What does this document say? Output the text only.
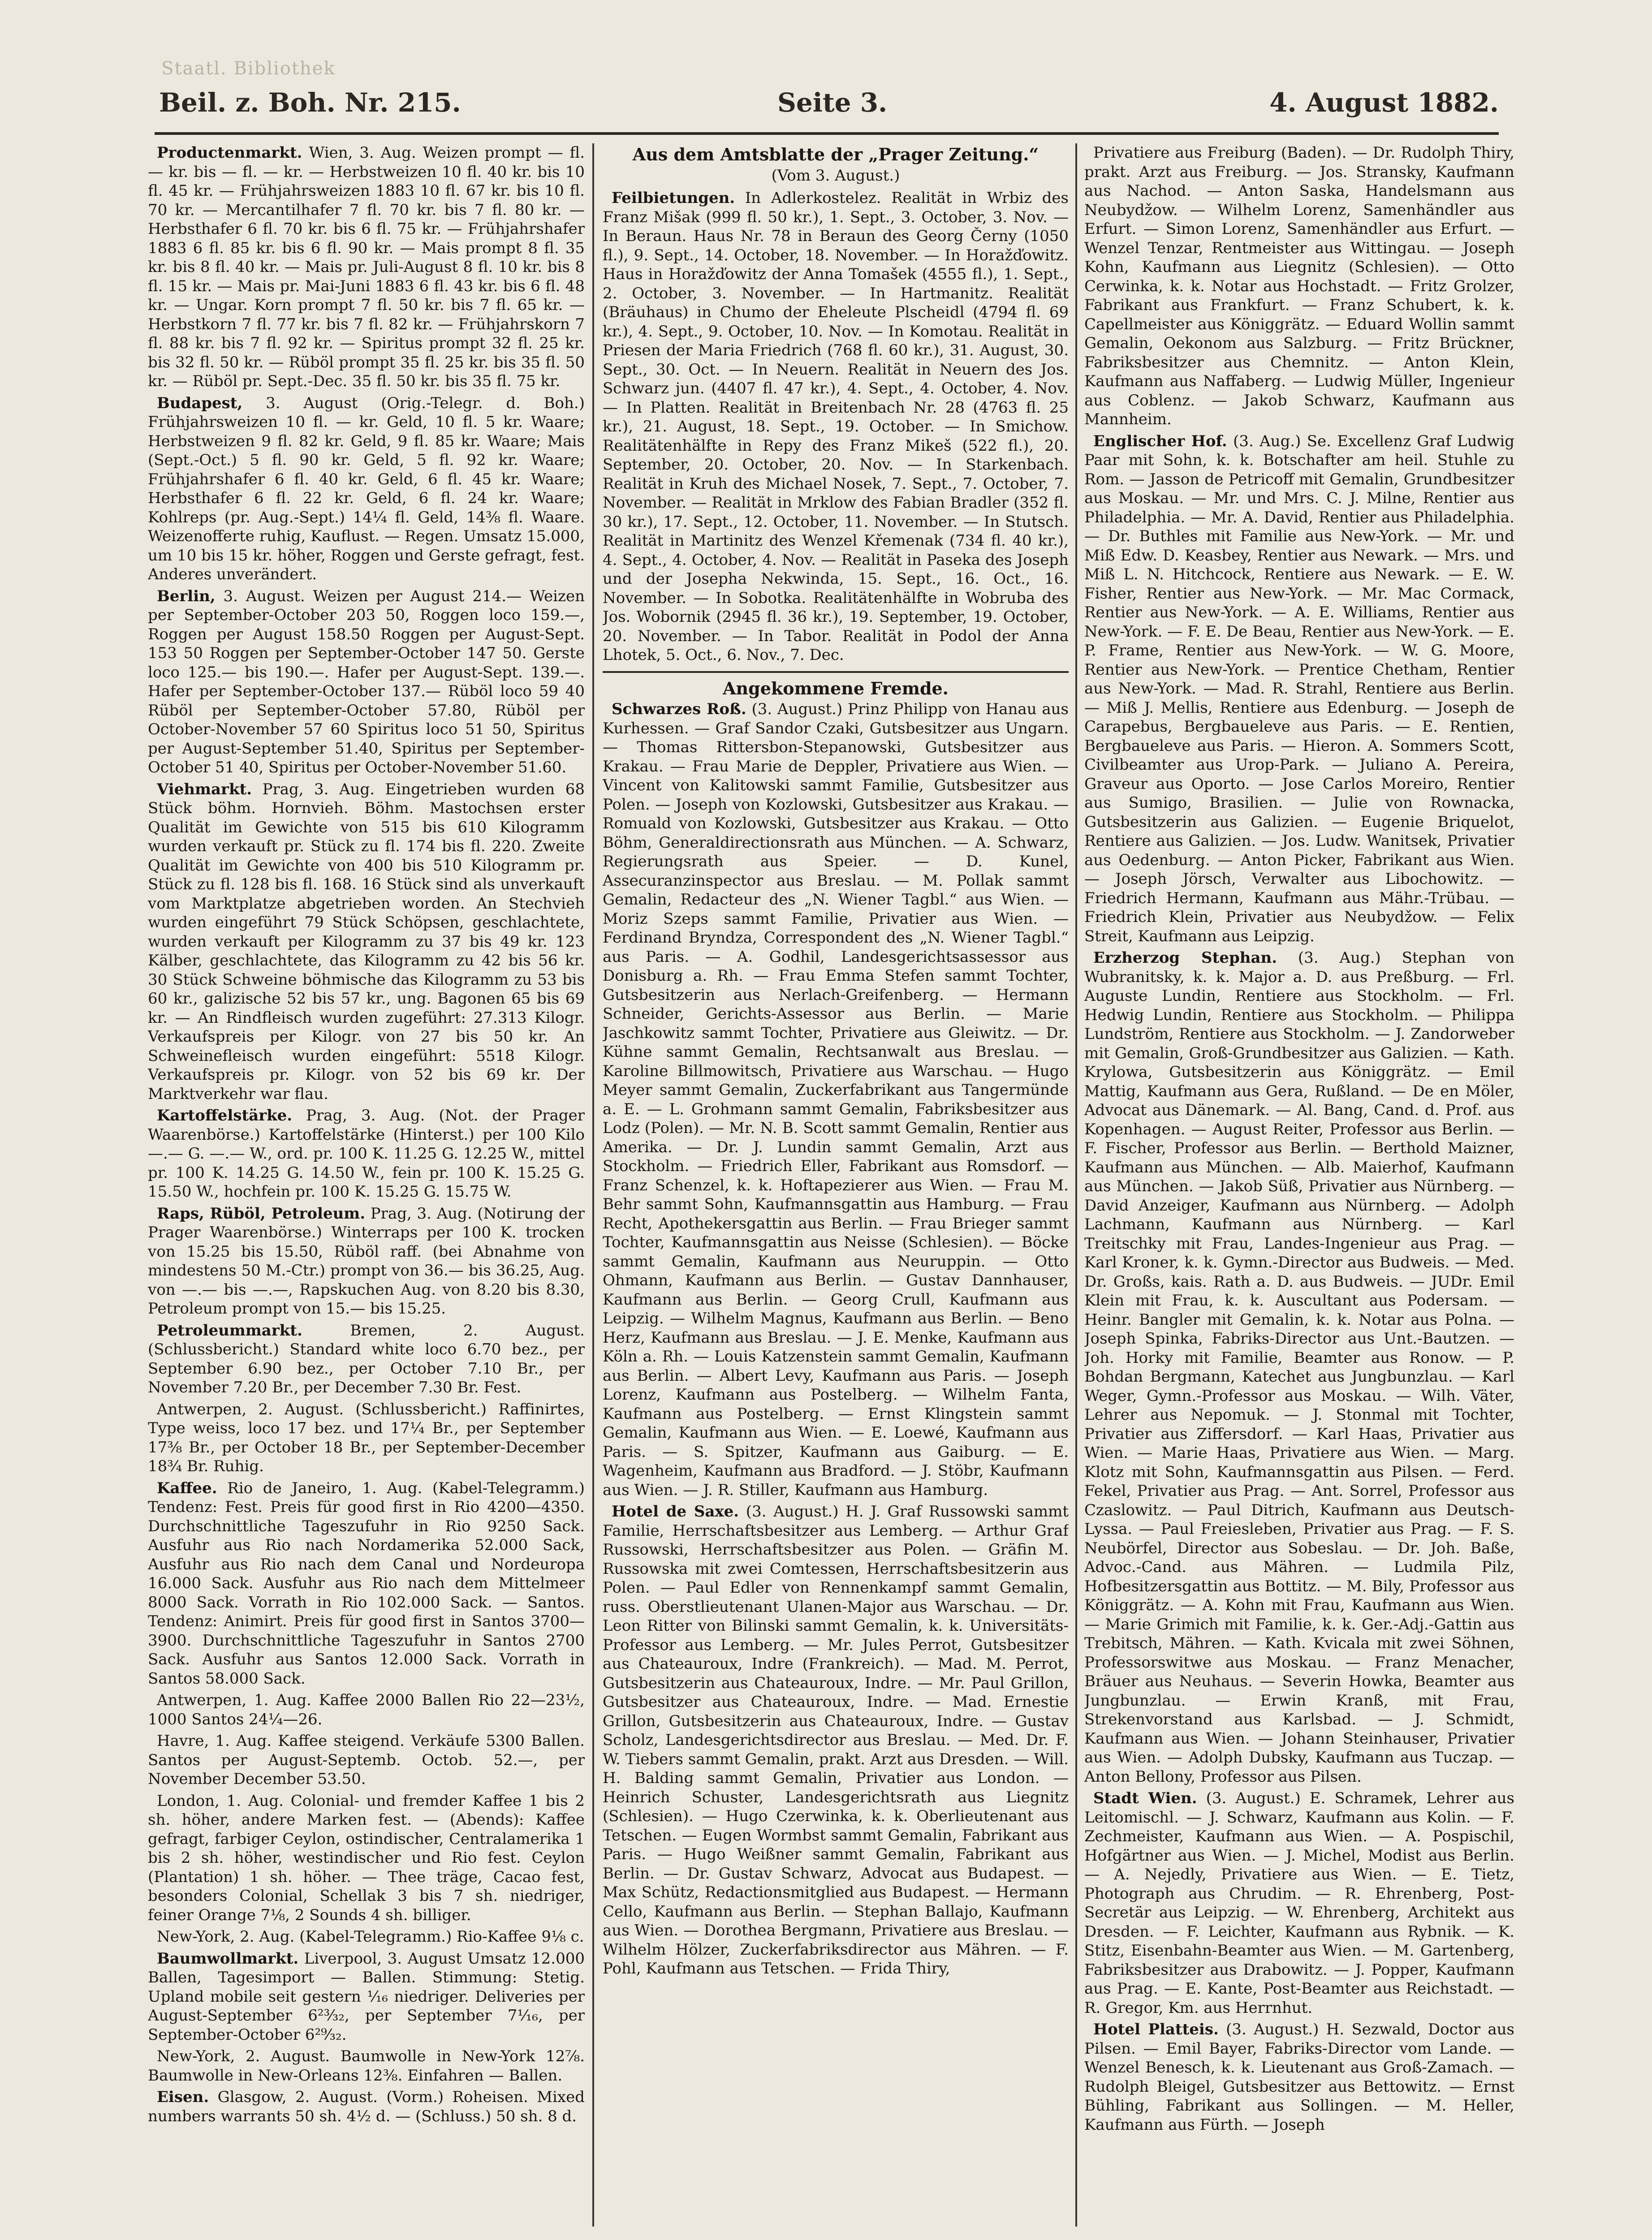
Staatl. Bibliothek
Beil. z. Boh. Nr. 215.	Seite 3.	4. August 1882.

Productenmarkt. Wien, 3. Aug. Weizen prompt — fl. — kr. bis — fl. — kr. — Herbstweizen 10 fl. 40 kr. bis 10 fl. 45 kr. — Frühjahrsweizen 1883 10 fl. 67 kr. bis 10 fl. 70 kr. — Mercantilhafer 7 fl. 70 kr. bis 7 fl. 80 kr. — Herbsthafer 6 fl. 70 kr. bis 6 fl. 75 kr. — Frühjahrshafer 1883 6 fl. 85 kr. bis 6 fl. 90 kr. — Mais prompt 8 fl. 35 kr. bis 8 fl. 40 kr. — Mais pr. Juli-August 8 fl. 10 kr. bis 8 fl. 15 kr. — Mais pr. Mai-Juni 1883 6 fl. 43 kr. bis 6 fl. 48 kr. — Ungar. Korn prompt 7 fl. 50 kr. bis 7 fl. 65 kr. — Herbstkorn 7 fl. 77 kr. bis 7 fl. 82 kr. — Frühjahrskorn 7 fl. 88 kr. bis 7 fl. 92 kr. — Spiritus prompt 32 fl. 25 kr. bis 32 fl. 50 kr. — Rüböl prompt 35 fl. 25 kr. bis 35 fl. 50 kr. — Rüböl pr. Sept.-Dec. 35 fl. 50 kr. bis 35 fl. 75 kr.

Budapest, 3. August (Orig.-Telegr. d. Boh.) Frühjahrsweizen 10 fl. — kr. Geld, 10 fl. 5 kr. Waare; Herbstweizen 9 fl. 82 kr. Geld, 9 fl. 85 kr. Waare; Mais (Sept.-Oct.) 5 fl. 90 kr. Geld, 5 fl. 92 kr. Waare; Frühjahrshafer 6 fl. 40 kr. Geld, 6 fl. 45 kr. Waare; Herbsthafer 6 fl. 22 kr. Geld, 6 fl. 24 kr. Waare; Kohlreps (pr. Aug.-Sept.) 14¼ fl. Geld, 14⅜ fl. Waare. Weizenofferte ruhig, Kauflust. — Regen. Umsatz 15.000, um 10 bis 15 kr. höher, Roggen und Gerste gefragt, fest. Anderes unverändert.

Berlin, 3. August. Weizen per August 214.— Weizen per September-October 203 50, Roggen loco 159.—, Roggen per August 158.50 Roggen per August-Sept. 153 50 Roggen per September-October 147 50. Gerste loco 125.— bis 190.—. Hafer per August-Sept. 139.—. Hafer per September-October 137.— Rüböl loco 59 40 Rüböl per September-October 57.80, Rüböl per October-November 57 60 Spiritus loco 51 50, Spiritus per August-September 51.40, Spiritus per September-October 51 40, Spiritus per October-November 51.60.

Viehmarkt. Prag, 3. Aug. Eingetrieben wurden 68 Stück böhm. Hornvieh. Böhm. Mastochsen erster Qualität im Gewichte von 515 bis 610 Kilogramm wurden verkauft pr. Stück zu fl. 174 bis fl. 220. Zweite Qualität im Gewichte von 400 bis 510 Kilogramm pr. Stück zu fl. 128 bis fl. 168. 16 Stück sind als unverkauft vom Marktplatze abgetrieben worden. An Stechvieh wurden eingeführt 79 Stück Schöpsen, geschlachtete, wurden verkauft per Kilogramm zu 37 bis 49 kr. 123 Kälber, geschlachtete, das Kilogramm zu 42 bis 56 kr. 30 Stück Schweine böhmische das Kilogramm zu 53 bis 60 kr., galizische 52 bis 57 kr., ung. Bagonen 65 bis 69 kr. — An Rindfleisch wurden zugeführt: 27.313 Kilogr. Verkaufspreis per Kilogr. von 27 bis 50 kr. An Schweinefleisch wurden eingeführt: 5518 Kilogr. Verkaufspreis pr. Kilogr. von 52 bis 69 kr. Der Marktverkehr war flau.

Kartoffelstärke. Prag, 3. Aug. (Not. der Prager Waarenbörse.) Kartoffelstärke (Hinterst.) per 100 Kilo —.— G. —.— W., ord. pr. 100 K. 11.25 G. 12.25 W., mittel pr. 100 K. 14.25 G. 14.50 W., fein pr. 100 K. 15.25 G. 15.50 W., hochfein pr. 100 K. 15.25 G. 15.75 W.

Raps, Rüböl, Petroleum. Prag, 3. Aug. (Notirung der Prager Waarenbörse.) Winterraps per 100 K. trocken von 15.25 bis 15.50, Rüböl raff. (bei Abnahme von mindestens 50 M.-Ctr.) prompt von 36.— bis 36.25, Aug. von —.— bis —.—, Rapskuchen Aug. von 8.20 bis 8.30, Petroleum prompt von 15.— bis 15.25.

Petroleummarkt. Bremen, 2. August. (Schlussbericht.) Standard white loco 6.70 bez., per September 6.90 bez., per October 7.10 Br., per November 7.20 Br., per December 7.30 Br. Fest.

Antwerpen, 2. August. (Schlussbericht.) Raffinirtes, Type weiss, loco 17 bez. und 17¼ Br., per September 17⅜ Br., per October 18 Br., per September-December 18¾ Br. Ruhig.

Kaffee. Rio de Janeiro, 1. Aug. (Kabel-Telegramm.) Tendenz: Fest. Preis für good first in Rio 4200—4350. Durchschnittliche Tageszufuhr in Rio 9250 Sack. Ausfuhr aus Rio nach Nordamerika 52.000 Sack, Ausfuhr aus Rio nach dem Canal und Nordeuropa 16.000 Sack. Ausfuhr aus Rio nach dem Mittelmeer 8000 Sack. Vorrath in Rio 102.000 Sack. — Santos. Tendenz: Animirt. Preis für good first in Santos 3700—3900. Durchschnittliche Tageszufuhr in Santos 2700 Sack. Ausfuhr aus Santos 12.000 Sack. Vorrath in Santos 58.000 Sack.

Antwerpen, 1. Aug. Kaffee 2000 Ballen Rio 22—23½, 1000 Santos 24¼—26.

Havre, 1. Aug. Kaffee steigend. Verkäufe 5300 Ballen. Santos per August-Septemb. Octob. 52.—, per November December 53.50.

London, 1. Aug. Colonial- und fremder Kaffee 1 bis 2 sh. höher, andere Marken fest. — (Abends): Kaffee gefragt, farbiger Ceylon, ostindischer, Centralamerika 1 bis 2 sh. höher, westindischer und Rio fest. Ceylon (Plantation) 1 sh. höher. — Thee träge, Cacao fest, besonders Colonial, Schellak 3 bis 7 sh. niedriger, feiner Orange 7⅛, 2 Sounds 4 sh. billiger.

New-York, 2. Aug. (Kabel-Telegramm.) Rio-Kaffee 9⅛ c.

Baumwollmarkt. Liverpool, 3. August Umsatz 12.000 Ballen, Tagesimport — Ballen. Stimmung: Stetig. Upland mobile seit gestern ⅟₁₆ niedriger. Deliveries per August-September 6²³⁄₃₂, per September 7⅟₁₆, per September-October 6²⁹⁄₃₂.

New-York, 2. August. Baumwolle in New-York 12⅞. Baumwolle in New-Orleans 12⅜. Einfahren — Ballen.

Eisen. Glasgow, 2. August. (Vorm.) Roheisen. Mixed numbers warrants 50 sh. 4½ d. — (Schluss.) 50 sh. 8 d.

Aus dem Amtsblatte der „Prager Zeitung.“
(Vom 3. August.)

Feilbietungen. In Adlerkostelez. Realität in Wrbiz des Franz Mišak (999 fl. 50 kr.), 1. Sept., 3. October, 3. Nov. — In Beraun. Haus Nr. 78 in Beraun des Georg Černy (1050 fl.), 9. Sept., 14. October, 18. November. — In Horažďowitz. Haus in Horažďowitz der Anna Tomašek (4555 fl.), 1. Sept., 2. October, 3. November. — In Hartmanitz. Realität (Bräuhaus) in Chumo der Eheleute Plscheidl (4794 fl. 69 kr.), 4. Sept., 9. October, 10. Nov. — In Komotau. Realität in Priesen der Maria Friedrich (768 fl. 60 kr.), 31. August, 30. Sept., 30. Oct. — In Neuern. Realität in Neuern des Jos. Schwarz jun. (4407 fl. 47 kr.), 4. Sept., 4. October, 4. Nov. — In Platten. Realität in Breitenbach Nr. 28 (4763 fl. 25 kr.), 21. August, 18. Sept., 19. October. — In Smichow. Realitätenhälfte in Repy des Franz Mikeš (522 fl.), 20. September, 20. October, 20. Nov. — In Starkenbach. Realität in Kruh des Michael Nosek, 7. Sept., 7. October, 7. November. — Realität in Mrklow des Fabian Bradler (352 fl. 30 kr.), 17. Sept., 12. October, 11. November. — In Stutsch. Realität in Martinitz des Wenzel Křemenak (734 fl. 40 kr.), 4. Sept., 4. October, 4. Nov. — Realität in Paseka des Joseph und der Josepha Nekwinda, 15. Sept., 16. Oct., 16. November. — In Sobotka. Realitätenhälfte in Wobruba des Jos. Wobornik (2945 fl. 36 kr.), 19. September, 19. October, 20. November. — In Tabor. Realität in Podol der Anna Lhotek, 5. Oct., 6. Nov., 7. Dec.

Angekommene Fremde.

Schwarzes Roß. (3. August.) Prinz Philipp von Hanau aus Kurhessen. — Graf Sandor Czaki, Gutsbesitzer aus Ungarn. — Thomas Rittersbon-Stepanowski, Gutsbesitzer aus Krakau. — Frau Marie de Deppler, Privatiere aus Wien. — Vincent von Kalitowski sammt Familie, Gutsbesitzer aus Polen. — Joseph von Kozlowski, Gutsbesitzer aus Krakau. — Romuald von Kozlowski, Gutsbesitzer aus Krakau. — Otto Böhm, Generaldirectionsrath aus München. — A. Schwarz, Regierungsrath aus Speier. — D. Kunel, Assecuranzinspector aus Breslau. — M. Pollak sammt Gemalin, Redacteur des „N. Wiener Tagbl.“ aus Wien. — Moriz Szeps sammt Familie, Privatier aus Wien. — Ferdinand Bryndza, Correspondent des „N. Wiener Tagbl.“ aus Paris. — A. Godhil, Landesgerichtsassessor aus Donisburg a. Rh. — Frau Emma Stefen sammt Tochter, Gutsbesitzerin aus Nerlach-Greifenberg. — Hermann Schneider, Gerichts-Assessor aus Berlin. — Marie Jaschkowitz sammt Tochter, Privatiere aus Gleiwitz. — Dr. Kühne sammt Gemalin, Rechtsanwalt aus Breslau. — Karoline Billmowitsch, Privatiere aus Warschau. — Hugo Meyer sammt Gemalin, Zuckerfabrikant aus Tangermünde a. E. — L. Grohmann sammt Gemalin, Fabriksbesitzer aus Lodz (Polen). — Mr. N. B. Scott sammt Gemalin, Rentier aus Amerika. — Dr. J. Lundin sammt Gemalin, Arzt aus Stockholm. — Friedrich Eller, Fabrikant aus Romsdorf. — Franz Schenzel, k. k. Hoftapezierer aus Wien. — Frau M. Behr sammt Sohn, Kaufmannsgattin aus Hamburg. — Frau Recht, Apothekersgattin aus Berlin. — Frau Brieger sammt Tochter, Kaufmannsgattin aus Neisse (Schlesien). — Böcke sammt Gemalin, Kaufmann aus Neuruppin. — Otto Ohmann, Kaufmann aus Berlin. — Gustav Dannhauser, Kaufmann aus Berlin. — Georg Crull, Kaufmann aus Leipzig. — Wilhelm Magnus, Kaufmann aus Berlin. — Beno Herz, Kaufmann aus Breslau. — J. E. Menke, Kaufmann aus Köln a. Rh. — Louis Katzenstein sammt Gemalin, Kaufmann aus Berlin. — Albert Levy, Kaufmann aus Paris. — Joseph Lorenz, Kaufmann aus Postelberg. — Wilhelm Fanta, Kaufmann aus Postelberg. — Ernst Klingstein sammt Gemalin, Kaufmann aus Wien. — E. Loewé, Kaufmann aus Paris. — S. Spitzer, Kaufmann aus Gaiburg. — E. Wagenheim, Kaufmann aus Bradford. — J. Stöbr, Kaufmann aus Wien. — J. R. Stiller, Kaufmann aus Hamburg.

Hotel de Saxe. (3. August.) H. J. Graf Russowski sammt Familie, Herrschaftsbesitzer aus Lemberg. — Arthur Graf Russowski, Herrschaftsbesitzer aus Polen. — Gräfin M. Russowska mit zwei Comtessen, Herrschaftsbesitzerin aus Polen. — Paul Edler von Rennenkampf sammt Gemalin, russ. Oberstlieutenant Ulanen-Major aus Warschau. — Dr. Leon Ritter von Bilinski sammt Gemalin, k. k. Universitäts-Professor aus Lemberg. — Mr. Jules Perrot, Gutsbesitzer aus Chateauroux, Indre (Frankreich). — Mad. M. Perrot, Gutsbesitzerin aus Chateauroux, Indre. — Mr. Paul Grillon, Gutsbesitzer aus Chateauroux, Indre. — Mad. Ernestie Grillon, Gutsbesitzerin aus Chateauroux, Indre. — Gustav Scholz, Landesgerichtsdirector aus Breslau. — Med. Dr. F. W. Tiebers sammt Gemalin, prakt. Arzt aus Dresden. — Will. H. Balding sammt Gemalin, Privatier aus London. — Heinrich Schuster, Landesgerichtsrath aus Liegnitz (Schlesien). — Hugo Czerwinka, k. k. Oberlieutenant aus Tetschen. — Eugen Wormbst sammt Gemalin, Fabrikant aus Paris. — Hugo Weißner sammt Gemalin, Fabrikant aus Berlin. — Dr. Gustav Schwarz, Advocat aus Budapest. — Max Schütz, Redactionsmitglied aus Budapest. — Hermann Cello, Kaufmann aus Berlin. — Stephan Ballajo, Kaufmann aus Wien. — Dorothea Bergmann, Privatiere aus Breslau. — Wilhelm Hölzer, Zuckerfabriksdirector aus Mähren. — F. Pohl, Kaufmann aus Tetschen. — Frida Thiry,

Privatiere aus Freiburg (Baden). — Dr. Rudolph Thiry, prakt. Arzt aus Freiburg. — Jos. Stransky, Kaufmann aus Nachod. — Anton Saska, Handelsmann aus Neubydžow. — Wilhelm Lorenz, Samenhändler aus Erfurt. — Simon Lorenz, Samenhändler aus Erfurt. — Wenzel Tenzar, Rentmeister aus Wittingau. — Joseph Kohn, Kaufmann aus Liegnitz (Schlesien). — Otto Cerwinka, k. k. Notar aus Hochstadt. — Fritz Grolzer, Fabrikant aus Frankfurt. — Franz Schubert, k. k. Capellmeister aus Königgrätz. — Eduard Wollin sammt Gemalin, Oekonom aus Salzburg. — Fritz Brückner, Fabriksbesitzer aus Chemnitz. — Anton Klein, Kaufmann aus Naffaberg. — Ludwig Müller, Ingenieur aus Coblenz. — Jakob Schwarz, Kaufmann aus Mannheim.

Englischer Hof. (3. Aug.) Se. Excellenz Graf Ludwig Paar mit Sohn, k. k. Botschafter am heil. Stuhle zu Rom. — Jasson de Petricoff mit Gemalin, Grundbesitzer aus Moskau. — Mr. und Mrs. C. J. Milne, Rentier aus Philadelphia. — Mr. A. David, Rentier aus Philadelphia. — Dr. Buthles mit Familie aus New-York. — Mr. und Miß Edw. D. Keasbey, Rentier aus Newark. — Mrs. und Miß L. N. Hitchcock, Rentiere aus Newark. — E. W. Fisher, Rentier aus New-York. — Mr. Mac Cormack, Rentier aus New-York. — A. E. Williams, Rentier aus New-York. — F. E. De Beau, Rentier aus New-York. — E. P. Frame, Rentier aus New-York. — W. G. Moore, Rentier aus New-York. — Prentice Chetham, Rentier aus New-York. — Mad. R. Strahl, Rentiere aus Berlin. — Miß J. Mellis, Rentiere aus Edenburg. — Joseph de Carapebus, Bergbaueleve aus Paris. — E. Rentien, Bergbaueleve aus Paris. — Hieron. A. Sommers Scott, Civilbeamter aus Urop-Park. — Juliano A. Pereira, Graveur aus Oporto. — Jose Carlos Moreiro, Rentier aus Sumigo, Brasilien. — Julie von Rownacka, Gutsbesitzerin aus Galizien. — Eugenie Briquelot, Rentiere aus Galizien. — Jos. Ludw. Wanitsek, Privatier aus Oedenburg. — Anton Picker, Fabrikant aus Wien. — Joseph Jörsch, Verwalter aus Libochowitz. — Friedrich Hermann, Kaufmann aus Mähr.-Trübau. — Friedrich Klein, Privatier aus Neubydžow. — Felix Streit, Kaufmann aus Leipzig.

Erzherzog Stephan. (3. Aug.) Stephan von Wubranitsky, k. k. Major a. D. aus Preßburg. — Frl. Auguste Lundin, Rentiere aus Stockholm. — Frl. Hedwig Lundin, Rentiere aus Stockholm. — Philippa Lundström, Rentiere aus Stockholm. — J. Zandorweber mit Gemalin, Groß-Grundbesitzer aus Galizien. — Kath. Krylowa, Gutsbesitzerin aus Königgrätz. — Emil Mattig, Kaufmann aus Gera, Rußland. — De en Möler, Advocat aus Dänemark. — Al. Bang, Cand. d. Prof. aus Kopenhagen. — August Reiter, Professor aus Berlin. — F. Fischer, Professor aus Berlin. — Berthold Maizner, Kaufmann aus München. — Alb. Maierhof, Kaufmann aus München. — Jakob Süß, Privatier aus Nürnberg. — David Anzeiger, Kaufmann aus Nürnberg. — Adolph Lachmann, Kaufmann aus Nürnberg. — Karl Treitschky mit Frau, Landes-Ingenieur aus Prag. — Karl Kroner, k. k. Gymn.-Director aus Budweis. — Med. Dr. Großs, kais. Rath a. D. aus Budweis. — JUDr. Emil Klein mit Frau, k. k. Auscultant aus Podersam. — Heinr. Bangler mit Gemalin, k. k. Notar aus Polna. — Joseph Spinka, Fabriks-Director aus Unt.-Bautzen. — Joh. Horky mit Familie, Beamter aus Ronow. — P. Bohdan Bergmann, Katechet aus Jungbunzlau. — Karl Weger, Gymn.-Professor aus Moskau. — Wilh. Väter, Lehrer aus Nepomuk. — J. Stonmal mit Tochter, Privatier aus Ziffersdorf. — Karl Haas, Privatier aus Wien. — Marie Haas, Privatiere aus Wien. — Marg. Klotz mit Sohn, Kaufmannsgattin aus Pilsen. — Ferd. Fekel, Privatier aus Prag. — Ant. Sorrel, Professor aus Czaslowitz. — Paul Ditrich, Kaufmann aus Deutsch-Lyssa. — Paul Freiesleben, Privatier aus Prag. — F. S. Neubörfel, Director aus Sobeslau. — Dr. Joh. Baße, Advoc.-Cand. aus Mähren. — Ludmila Pilz, Hofbesitzersgattin aus Bottitz. — M. Bily, Professor aus Königgrätz. — A. Kohn mit Frau, Kaufmann aus Wien. — Marie Grimich mit Familie, k. k. Ger.-Adj.-Gattin aus Trebitsch, Mähren. — Kath. Kvicala mit zwei Söhnen, Professorswitwe aus Moskau. — Franz Menacher, Bräuer aus Neuhaus. — Severin Howka, Beamter aus Jungbunzlau. — Erwin Kranß, mit Frau, Strekenvorstand aus Karlsbad. — J. Schmidt, Kaufmann aus Wien. — Johann Steinhauser, Privatier aus Wien. — Adolph Dubsky, Kaufmann aus Tuczap. — Anton Bellony, Professor aus Pilsen.

Stadt Wien. (3. August.) E. Schramek, Lehrer aus Leitomischl. — J. Schwarz, Kaufmann aus Kolin. — F. Zechmeister, Kaufmann aus Wien. — A. Pospischil, Hofgärtner aus Wien. — J. Michel, Modist aus Berlin. — A. Nejedly, Privatiere aus Wien. — E. Tietz, Photograph aus Chrudim. — R. Ehrenberg, Post-Secretär aus Leipzig. — W. Ehrenberg, Architekt aus Dresden. — F. Leichter, Kaufmann aus Rybnik. — K. Stitz, Eisenbahn-Beamter aus Wien. — M. Gartenberg, Fabriksbesitzer aus Drabowitz. — J. Popper, Kaufmann aus Prag. — E. Kante, Post-Beamter aus Reichstadt. — R. Gregor, Km. aus Herrnhut.

Hotel Platteis. (3. August.) H. Sezwald, Doctor aus Pilsen. — Emil Bayer, Fabriks-Director vom Lande. — Wenzel Benesch, k. k. Lieutenant aus Groß-Zamach. — Rudolph Bleigel, Gutsbesitzer aus Bettowitz. — Ernst Bühling, Fabrikant aus Sollingen. — M. Heller, Kaufmann aus Fürth. — Joseph
